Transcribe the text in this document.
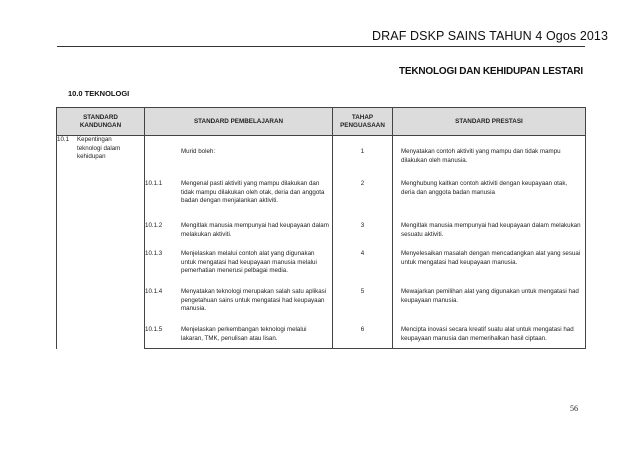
DRAF DSKP SAINS TAHUN 4 Ogos 2013
TEKNOLOGI DAN KEHIDUPAN LESTARI
10.0 TEKNOLOGI
STANDARD KANDUNGAN	STANDARD PEMBELAJARAN	TAHAP PENGUASAAN	STANDARD PRESTASI

10.1 Kepentingan teknologi dalam kehidupan	Murid boleh:	1	Menyatakan contoh aktiviti yang mampu dan tidak mampu dilakukan oleh manusia.

	10.1.1 Mengenal pasti aktiviti yang mampu dilakukan dan tidak mampu dilakukan oleh otak, deria dan anggota badan dengan menjalankan aktiviti.	2	Menghubung kaitkan contoh aktiviti dengan keupayaan otak, deria dan anggota badan manusia

	10.1.2 Mengitlak manusia mempunyai had keupayaan dalam melakukan aktiviti.	3	Mengitlak manusia mempunyai had keupayaan dalam melakukan sesuatu aktiviti.

	10.1.3 Menjelaskan melalui contoh alat yang digunakan untuk mengatasi had keupayaan manusia melalui pemerhatian menerusi pelbagai media.	4	Menyelesaikan masalah dengan mencadangkan alat yang sesuai untuk mengatasi had keupayaan manusia.

	10.1.4 Menyatakan teknologi merupakan salah satu aplikasi pengetahuan sains untuk mengatasi had keupayaan manusia.	5	Mewajarkan pemilihan alat yang digunakan untuk mengatasi had keupayaan manusia.

	10.1.5 Menjelaskan perkembangan teknologi melalui lakaran, TMK, penulisan atau lisan.	6	Mencipta inovasi secara kreatif suatu alat untuk mengatasi had keupayaan manusia dan memerihalkan hasil ciptaan.
56
